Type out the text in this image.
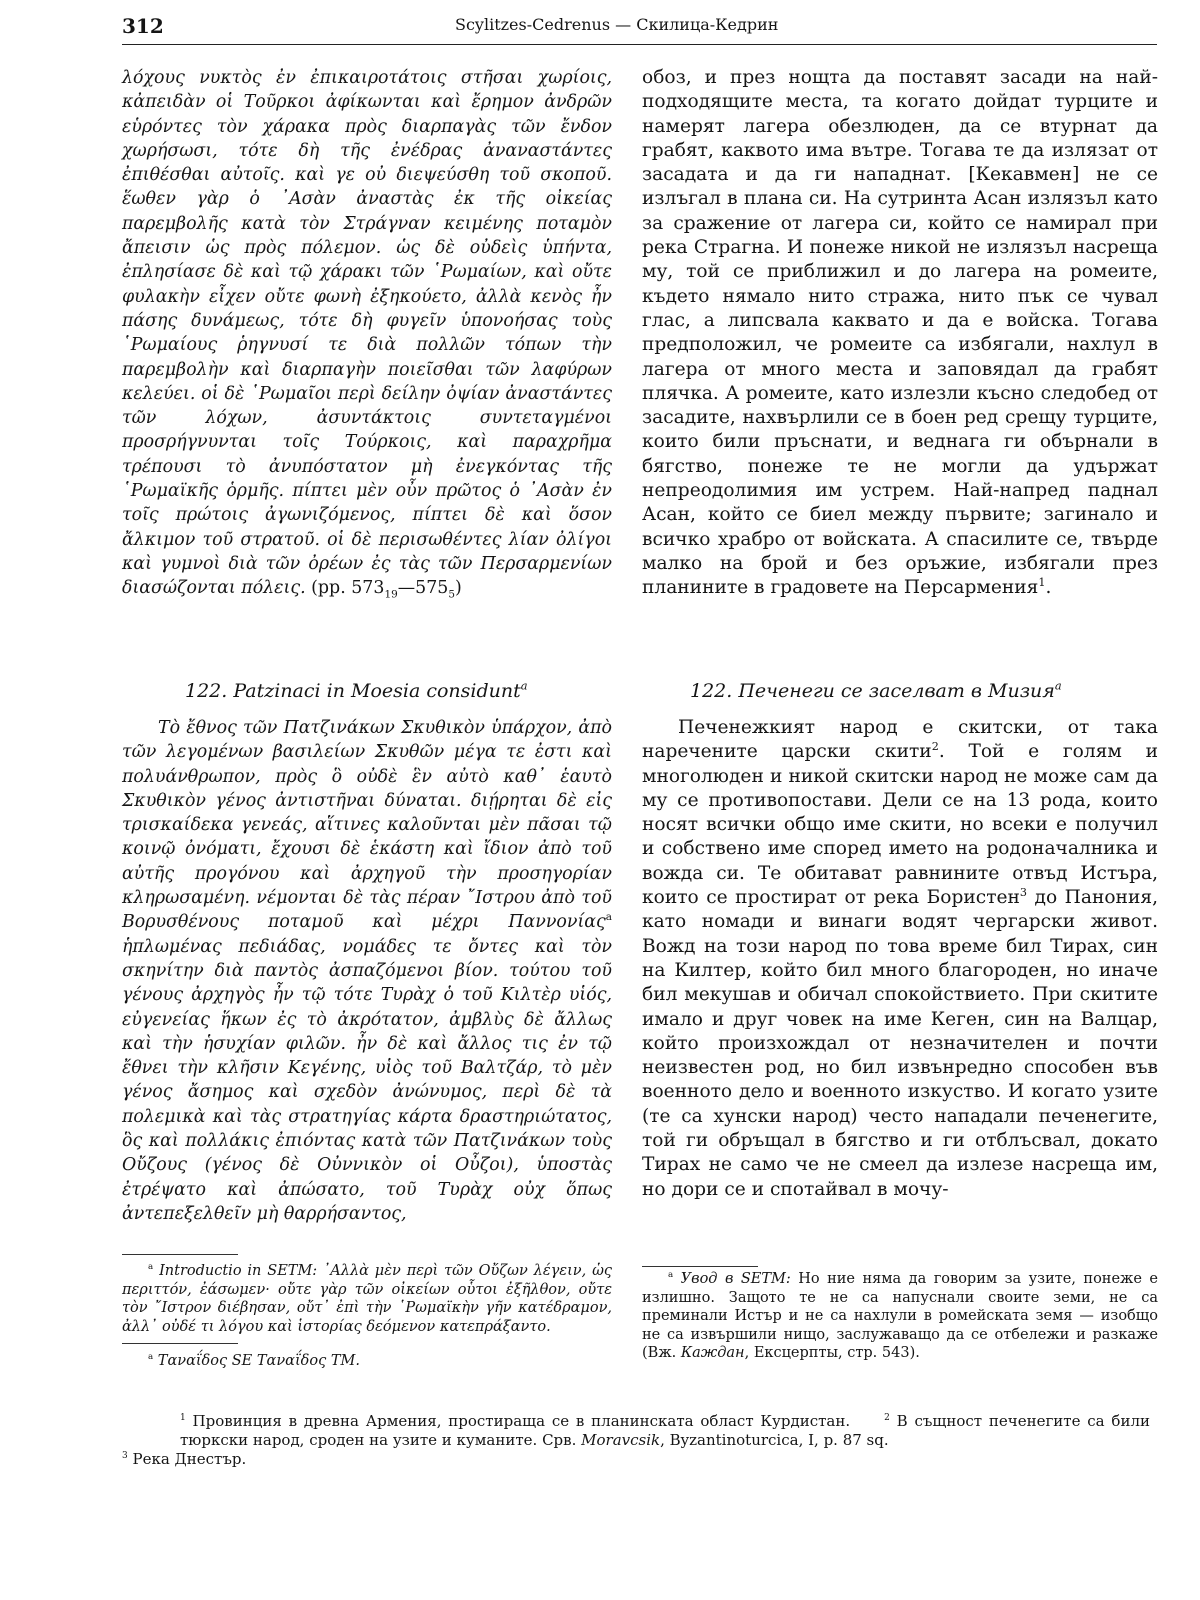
312	Scylitzes-Cedrenus — Скилица-Кедрин
λόχους νυκτὸς ἐν ἐπικαιροτάτοις στῆσαι χωρίοις, κἀπειδὰν οἱ Τοῦρκοι ἀφίκωνται καὶ ἔρημον ἀνδρῶν εὑρόντες τὸν χάρακα πρὸς διαρπαγὰς τῶν ἔνδον χωρήσωσι, τότε δὴ τῆς ἐνέδρας ἀναναστάντες ἐπιθέσθαι αὐτοῖς. καὶ γε οὐ διεψεύσθη τοῦ σκοποῦ. ἕωθεν γὰρ ὁ ᾿Ασὰν ἀναστὰς ἐκ τῆς οἰκείας παρεμβολῆς κατὰ τὸν Στράγναν κειμένης ποταμὸν ἄπεισιν ὡς πρὸς πόλεμον. ὡς δὲ οὐδεὶς ὑπήντα, ἐπλησίασε δὲ καὶ τῷ χάρακι τῶν ῾Ρωμαίων, καὶ οὔτε φυλακὴν εἶχεν οὔτε φωνὴ ἐξηκούετο, ἀλλὰ κενὸς ἦν πάσης δυνάμεως, τότε δὴ φυγεῖν ὑπονοήσας τοὺς ῾Ρωμαίους ῥηγνυσί τε διὰ πολλῶν τόπων τὴν παρεμβολὴν καὶ διαρπαγὴν ποιεῖσθαι τῶν λαφύρων κελεύει. οἱ δὲ ῾Ρωμαῖοι περὶ δείλην ὀψίαν ἀναστάντες τῶν λόχων, ἀσυντάκτοις συντεταγμένοι προσρήγνυνται τοῖς Τούρκοις, καὶ παραχρῆμα τρέπουσι τὸ ἀνυπόστατον μὴ ἐνεγκόντας τῆς ῾Ρωμαϊκῆς ὁρμῆς. πίπτει μὲν οὖν πρῶτος ὁ ᾿Ασὰν ἐν τοῖς πρώτοις ἀγωνιζόμενος, πίπτει δὲ καὶ ὅσον ἄλκιμον τοῦ στρατοῦ. οἱ δὲ περισωθέντες λίαν ὀλίγοι καὶ γυμνοὶ διὰ τῶν ὀρέων ἐς τὰς τῶν Περσαρμενίων διασώζονται πόλεις. (pp. $573_{19}—575_5$)
обоз, и през нощта да поставят засади на най-подходящите места, та когато дойдат турците и намерят лагера обезлюден, да се втурнат да грабят, каквото има вътре. Тогава те да излязат от засадата и да ги нападнат. [Кекавмен] не се излъгал в плана си. На сутринта Асан излязъл като за сражение от лагера си, който се намирал при река Страгна. И понеже никой не излязъл насреща му, той се приближил и до лагера на ромеите, където нямало нито стража, нито пък се чувал глас, а липсвала каквато и да е войска. Тогава предположил, че ромеите са избягали, нахлул в лагера от много места и заповядал да грабят плячка. А ромеите, като излезли късно следобед от засадите, нахвърлили се в боен ред срещу турците, които били пръснати, и веднага ги обърнали в бягство, понеже те не могли да удържат непреодолимия им устрем. Най-напред паднал Асан, който се биел между първите; загинало и всичко храбро от войската. А спасилите се, твърде малко на брой и без оръжие, избягали през планините в градовете на Персармения$^1$.
122. Patzinaci in Moesia considunt$^a$	122. Печенеги се заселват в Мизия$^a$

Τὸ ἔθνος τῶν Πατζινάκων Σκυθικὸν ὑπάρχον, ἀπὸ τῶν λεγομένων βασιλείων Σκυθῶν μέγα τε ἐστι καὶ πολυάνθρωπον, πρὸς ὃ οὐδὲ ἓν αὐτὸ καθ᾿ ἑαυτὸ Σκυθικὸν γένος ἀντιστῆναι δύναται. διῄρηται δὲ εἰς τρισκαίδεκα γενεάς, αἵτινες καλοῦνται μὲν πᾶσαι τῷ κοινῷ ὀνόματι, ἔχουσι δὲ ἑκάστη καὶ ἴδιον ἀπὸ τοῦ αὐτῆς προγόνου καὶ ἀρχηγοῦ τὴν προσηγορίαν κληρωσαμένη. νέμονται δὲ τὰς πέραν ῎Ιστρου ἀπὸ τοῦ Βορυσθένους ποταμοῦ καὶ μέχρι Παννονίας$^a$ ἡπλωμένας πεδιάδας, νομάδες τε ὄντες καὶ τὸν σκηνίτην διὰ παντὸς ἀσπαζόμενοι βίον. τούτου τοῦ γένους ἀρχηγὸς ἦν τῷ τότε Τυρὰχ ὁ τοῦ Κιλτὲρ υἱός, εὐγενείας ἥκων ἐς τὸ ἀκρότατον, ἀμβλὺς δὲ ἄλλως καὶ τὴν ἡσυχίαν φιλῶν. ἦν δὲ καὶ ἄλλος τις ἐν τῷ ἔθνει τὴν κλῆσιν Κεγένης, υἱὸς τοῦ Βαλτζάρ, τὸ μὲν γένος ἄσημος καὶ σχεδὸν ἀνώνυμος, περὶ δὲ τὰ πολεμικὰ καὶ τὰς στρατηγίας κάρτα δραστηριώτατος, ὃς καὶ πολλάκις ἐπιόντας κατὰ τῶν Πατζινάκων τοὺς Οὔζους (γένος δὲ Οὐννικὸν οἱ Οὖζοι), ὑποστὰς ἐτρέψατο καὶ ἀπώσατο, τοῦ Τυρὰχ οὐχ ὅπως ἀντεπεξελθεῖν μὴ θαρρήσαντος,

Печенежкият народ е скитски, от така наречените царски скити$^2$. Той е голям и многолюден и никой скитски народ не може сам да му се противопостави. Дели се на 13 рода, които носят всички общо име скити, но всеки е получил и собствено име според името на родоначалника и вожда си. Те обитават равнините отвъд Истъра, които се простират от река Бористен$^3$ до Панония, като номади и винаги водят чергарски живот. Вожд на този народ по това време бил Тирах, син на Килтер, който бил много благороден, но иначе бил мекушав и обичал спокойствието. При скитите имало и друг човек на име Кеген, син на Валцар, който произхождал от незначителен и почти неизвестен род, но бил извънредно способен във военното дело и военното изкуство. И когато узите (те са хунски народ) често нападали печенегите, той ги обръщал в бягство и ги отблъсвал, докато Тирах не само че не смеел да излезе насреща им, но дори се и спотайвал в мочу-

$^a$ Introductio in SETM: ᾿Αλλὰ μὲν περὶ τῶν Οὔζων λέγειν, ὡς περιττόν, ἐάσωμεν· οὔτε γὰρ τῶν οἰκείων οὗτοι ἐξῆλθον, οὔτε τὸν ῎Ιστρον διέβησαν, οὔτ᾿ ἐπὶ τὴν ῾Ρωμαϊκὴν γῆν κατέδραμον, ἀλλ᾿ οὐδέ τι λόγου καὶ ἱστορίας δεόμενον κατεπράξαντο.

$^a$ Ταναΐδος SE Ταναΐδος TM.

$^a$ Увод в SETM: Но ние няма да говорим за узите, понеже е излишно. Защото те не са напуснали своите земи, не са преминали Истър и не са нахлули в ромейската земя — изобщо не са извършили нищо, заслужаващо да се отбележи и разкаже (Вж. Каждан, Ексцерпты, стр. 543).

$^1$ Провинция в древна Армения, простираща се в планинската област Курдистан.	$^2$ В същност печенегите са били тюркски народ, сроден на узите и куманите. Срв. Moravcsik, Byzantinoturcica, I, p. 87 sq.

$^3$ Река Днестър.
